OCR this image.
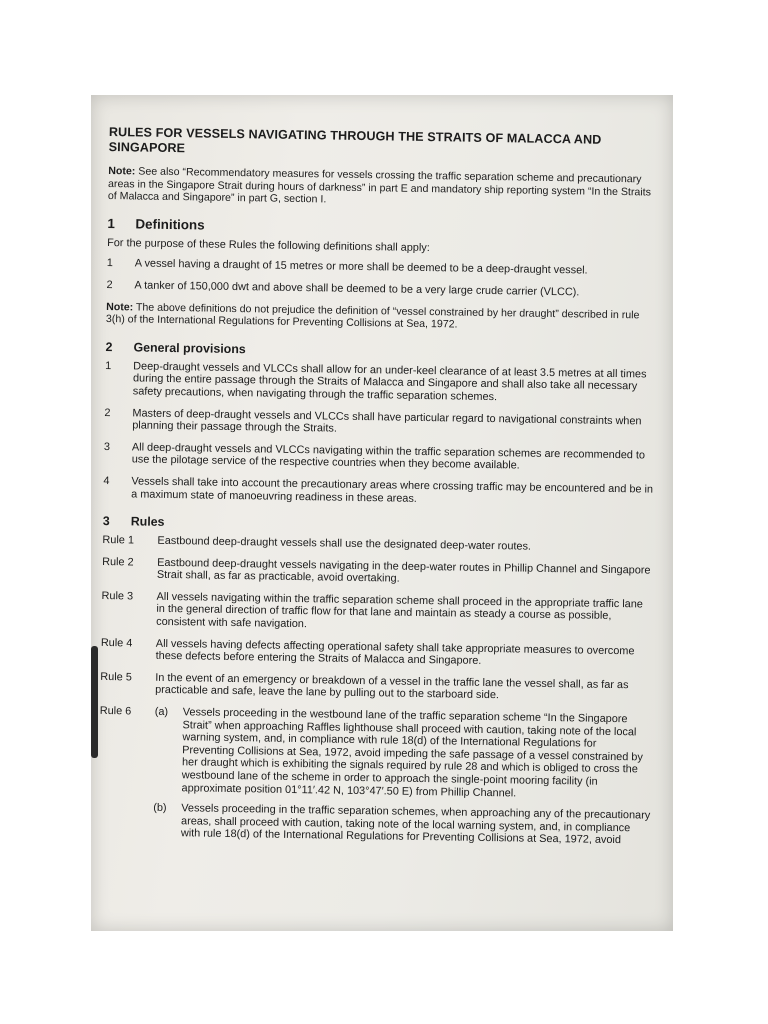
RULES FOR VESSELS NAVIGATING THROUGH THE STRAITS OF MALACCA AND SINGAPORE

Note: See also “Recommendatory measures for vessels crossing the traffic separation scheme and precautionary areas in the Singapore Strait during hours of darkness” in part E and mandatory ship reporting system “In the Straits of Malacca and Singapore” in part G, section I.

1	Definitions

For the purpose of these Rules the following definitions shall apply:

1	A vessel having a draught of 15 metres or more shall be deemed to be a deep-draught vessel.
2	A tanker of 150,000 dwt and above shall be deemed to be a very large crude carrier (VLCC).

Note: The above definitions do not prejudice the definition of “vessel constrained by her draught” described in rule 3(h) of the International Regulations for Preventing Collisions at Sea, 1972.

2	General provisions
1	Deep-draught vessels and VLCCs shall allow for an under-keel clearance of at least 3.5 metres at all times during the entire passage through the Straits of Malacca and Singapore and shall also take all necessary safety precautions, when navigating through the traffic separation schemes.
2	Masters of deep-draught vessels and VLCCs shall have particular regard to navigational constraints when planning their passage through the Straits.
3	All deep-draught vessels and VLCCs navigating within the traffic separation schemes are recommended to use the pilotage service of the respective countries when they become available.
4	Vessels shall take into account the precautionary areas where crossing traffic may be encountered and be in a maximum state of manoeuvring readiness in these areas.
3	Rules
Rule 1	Eastbound deep-draught vessels shall use the designated deep-water routes.
Rule 2	Eastbound deep-draught vessels navigating in the deep-water routes in Phillip Channel and Singapore Strait shall, as far as practicable, avoid overtaking.
Rule 3	All vessels navigating within the traffic separation scheme shall proceed in the appropriate traffic lane in the general direction of traffic flow for that lane and maintain as steady a course as possible, consistent with safe navigation.
Rule 4	All vessels having defects affecting operational safety shall take appropriate measures to overcome these defects before entering the Straits of Malacca and Singapore.
Rule 5	In the event of an emergency or breakdown of a vessel in the traffic lane the vessel shall, as far as practicable and safe, leave the lane by pulling out to the starboard side.
Rule 6	(a)	Vessels proceeding in the westbound lane of the traffic separation scheme “In the Singapore Strait” when approaching Raffles lighthouse shall proceed with caution, taking note of the local warning system, and, in compliance with rule 18(d) of the International Regulations for Preventing Collisions at Sea, 1972, avoid impeding the safe passage of a vessel constrained by her draught which is exhibiting the signals required by rule 28 and which is obliged to cross the westbound lane of the scheme in order to approach the single-point mooring facility (in approximate position 01°11′.42 N, 103°47′.50 E) from Phillip Channel.
(b)	Vessels proceeding in the traffic separation schemes, when approaching any of the precautionary areas, shall proceed with caution, taking note of the local warning system, and, in compliance with rule 18(d) of the International Regulations for Preventing Collisions at Sea, 1972, avoid
